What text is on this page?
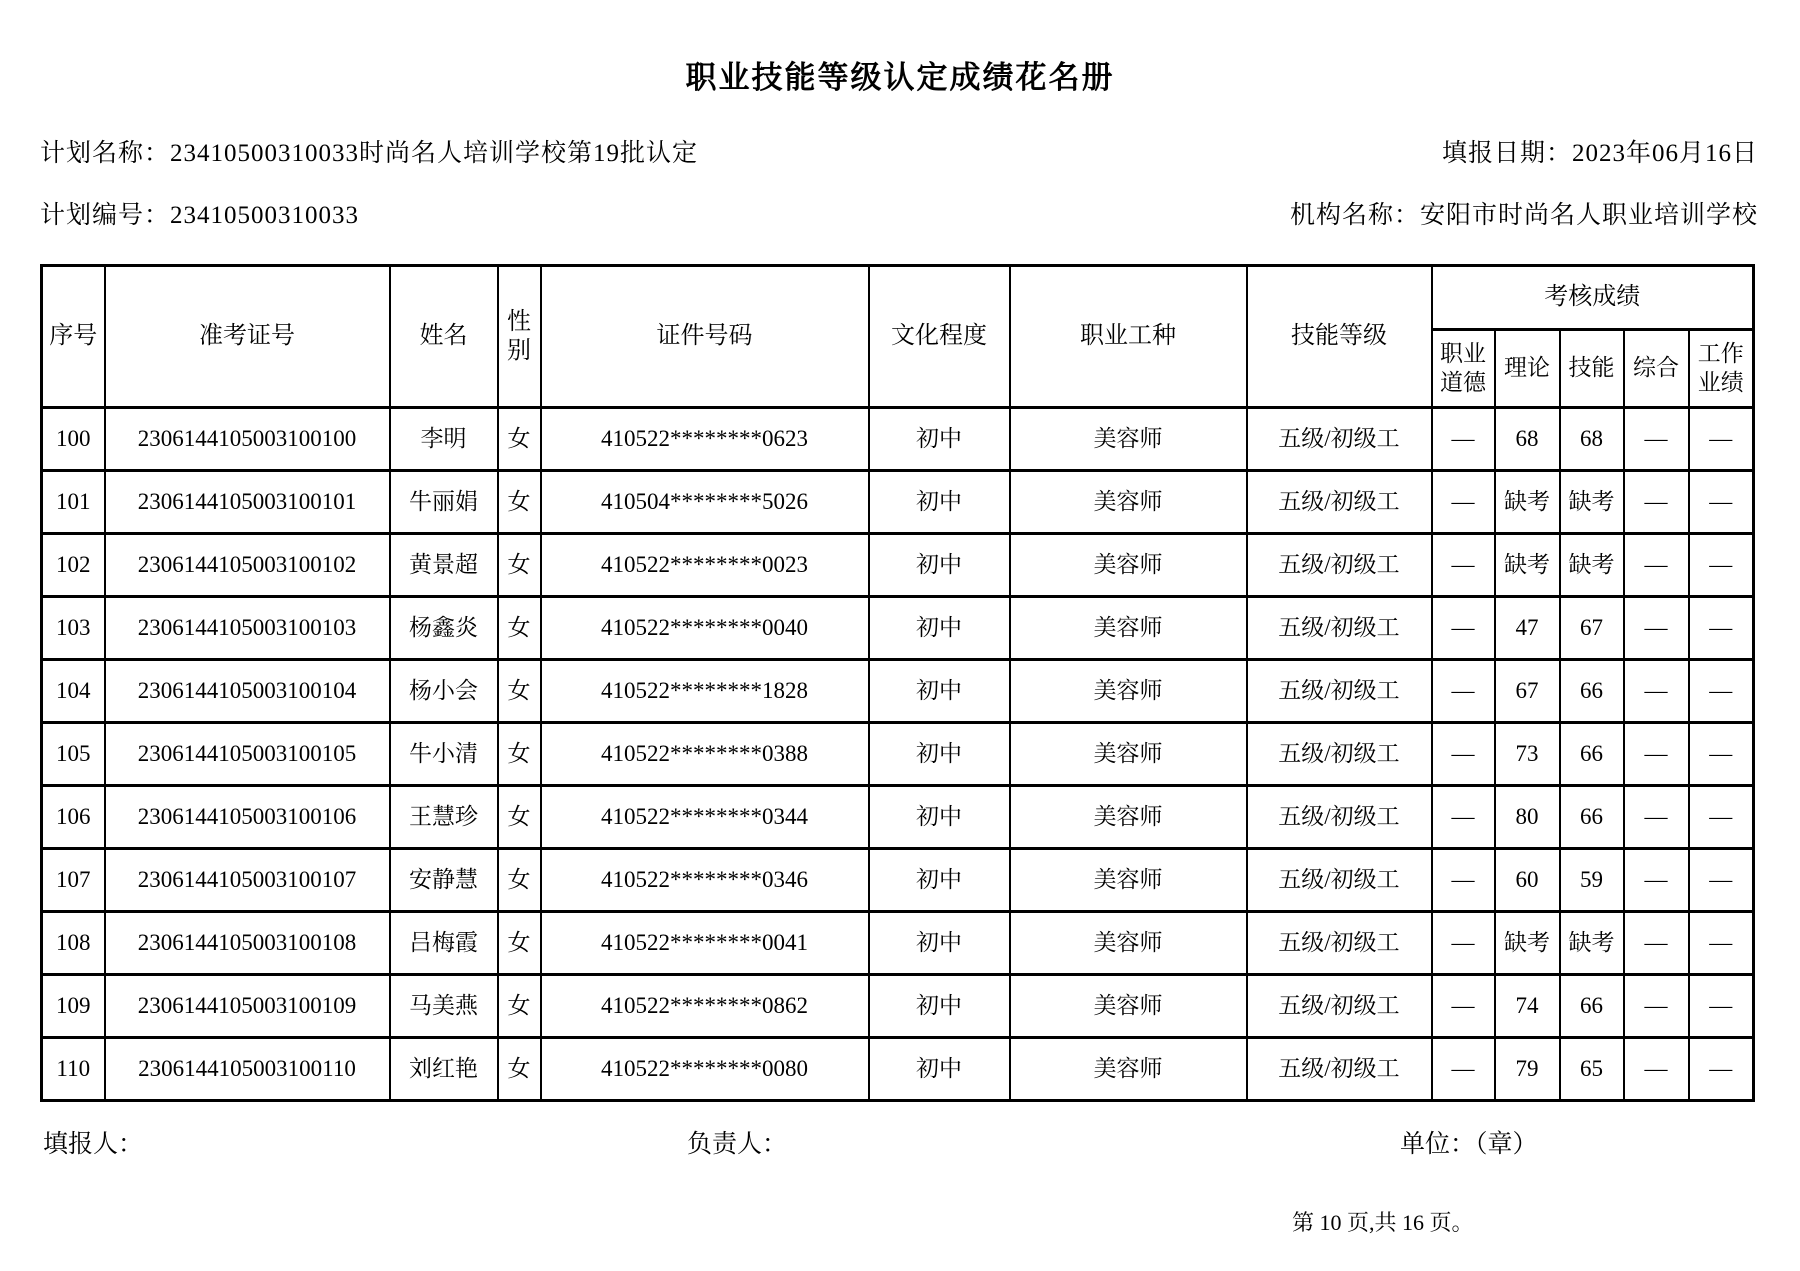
职业技能等级认定成绩花名册
计划名称：23410500310033时尚名人培训学校第19批认定	填报日期：2023年06月16日
计划编号：23410500310033	机构名称：安阳市时尚名人职业培训学校
序号	准考证号	姓名	性别	证件号码	文化程度	职业工种	技能等级	考核成绩				
								职业道德	理论	技能	综合	工作业绩
100	2306144105003100100	李明	女	410522********0623	初中	美容师	五级/初级工	—	68	68	—	—
101	2306144105003100101	牛丽娟	女	410504********5026	初中	美容师	五级/初级工	—	缺考	缺考	—	—
102	2306144105003100102	黄景超	女	410522********0023	初中	美容师	五级/初级工	—	缺考	缺考	—	—
103	2306144105003100103	杨鑫炎	女	410522********0040	初中	美容师	五级/初级工	—	47	67	—	—
104	2306144105003100104	杨小会	女	410522********1828	初中	美容师	五级/初级工	—	67	66	—	—
105	2306144105003100105	牛小清	女	410522********0388	初中	美容师	五级/初级工	—	73	66	—	—
106	2306144105003100106	王慧珍	女	410522********0344	初中	美容师	五级/初级工	—	80	66	—	—
107	2306144105003100107	安静慧	女	410522********0346	初中	美容师	五级/初级工	—	60	59	—	—
108	2306144105003100108	吕梅霞	女	410522********0041	初中	美容师	五级/初级工	—	缺考	缺考	—	—
109	2306144105003100109	马美燕	女	410522********0862	初中	美容师	五级/初级工	—	74	66	—	—
110	2306144105003100110	刘红艳	女	410522********0080	初中	美容师	五级/初级工	—	79	65	—	—
填报人：	负责人：	单位：（章）
第 10 页,共 16 页。
